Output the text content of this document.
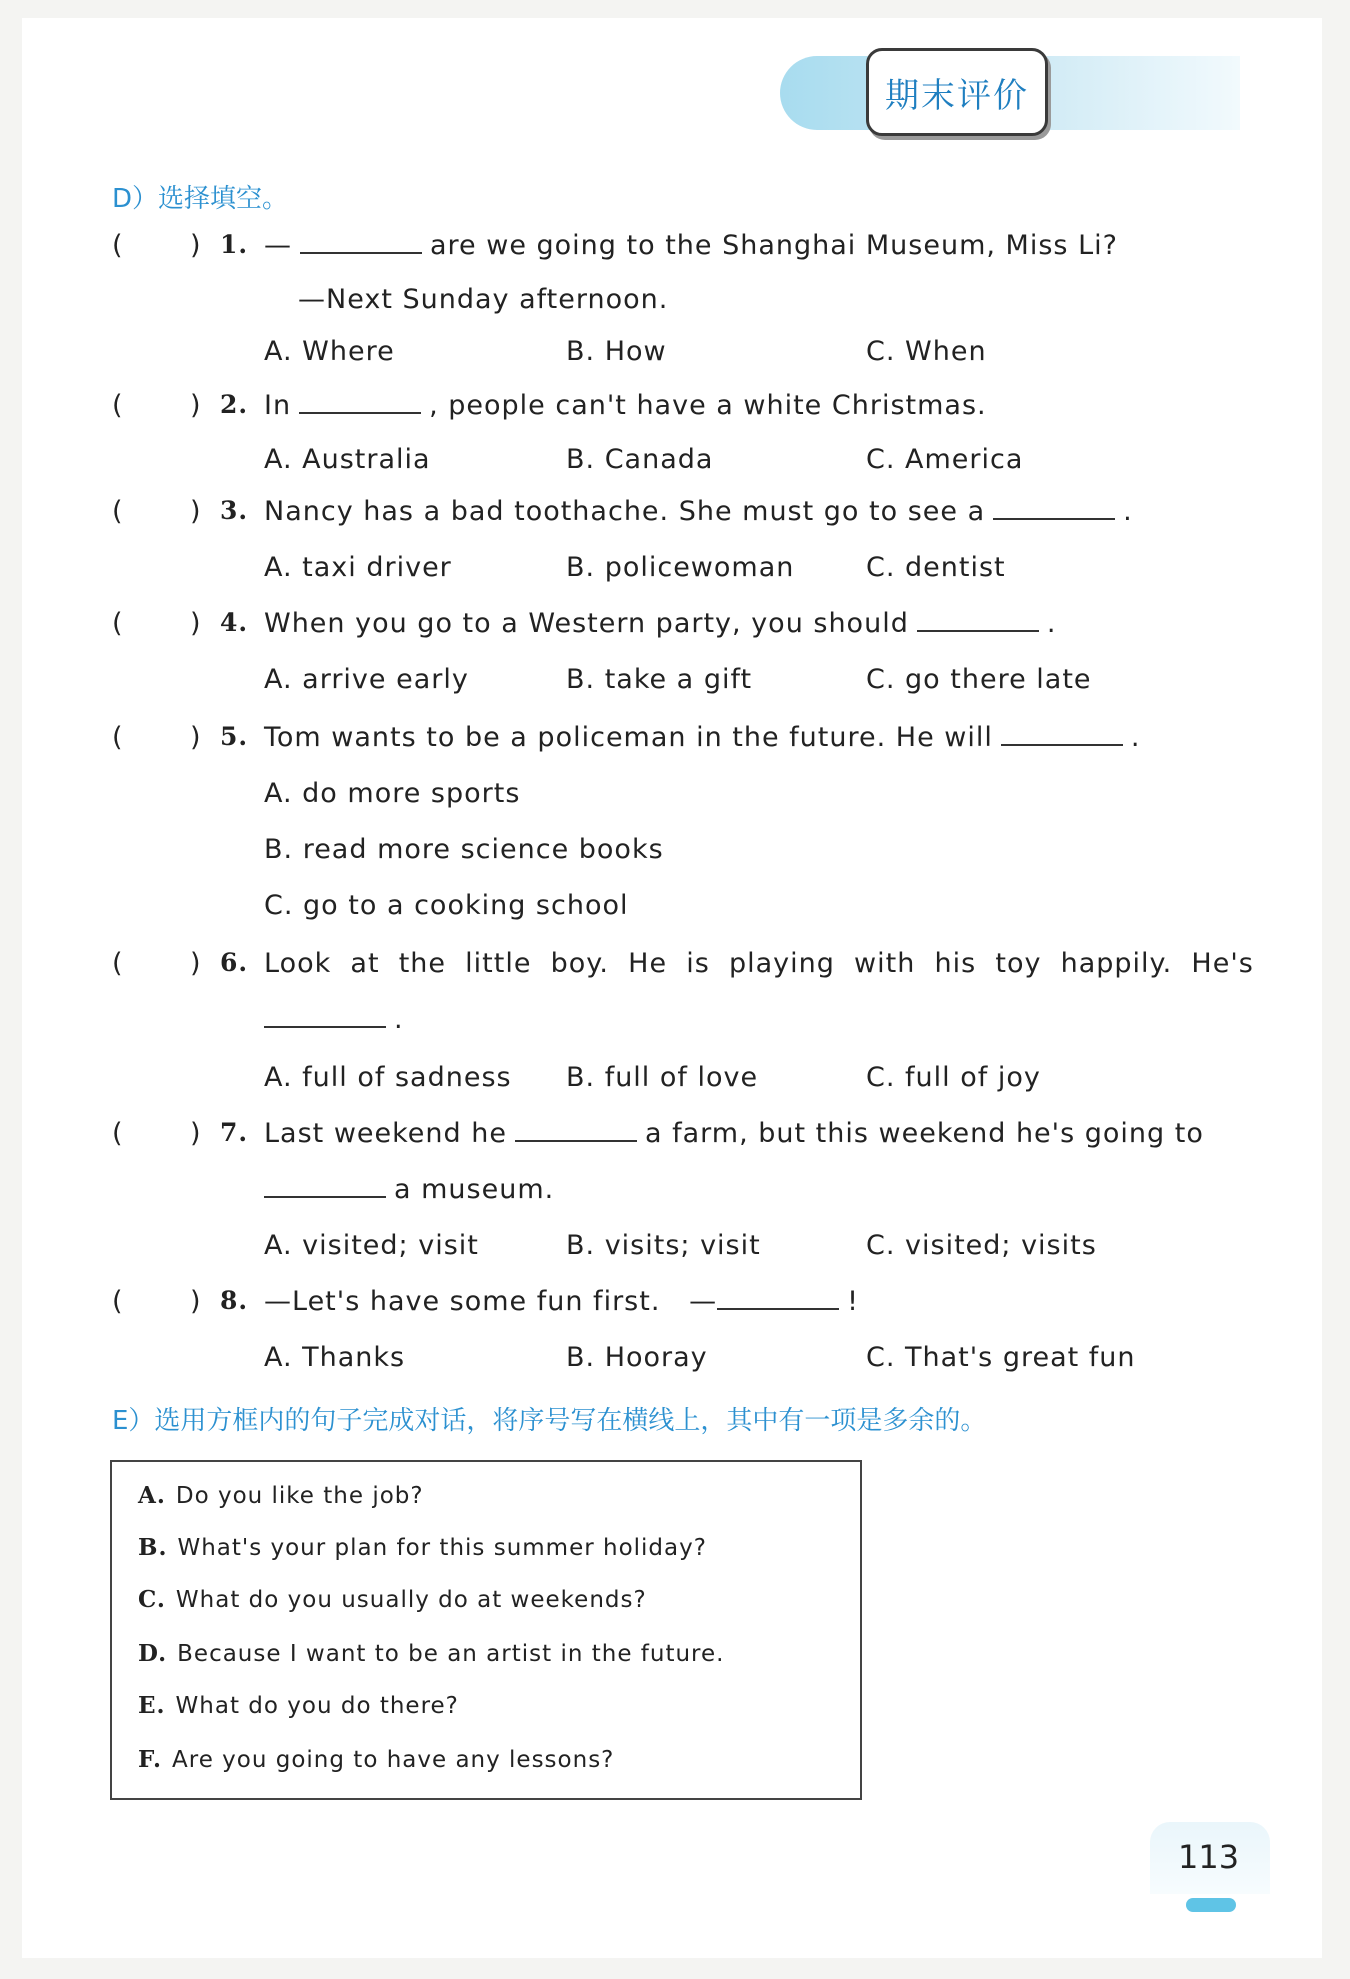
期末评价
D）选择填空。
( ) 1. —	are we going to the Shanghai Museum, Miss Li?
—Next Sunday afternoon.
A. Where	B. How	C. When
( ) 2. In	, people can't have a white Christmas.
A. Australia	B. Canada	C. America
( ) 3. Nancy has a bad toothache. She must go to see a	.
A. taxi driver	B. policewoman	C. dentist
( ) 4. When you go to a Western party, you should	.
A. arrive early	B. take a gift	C. go there late
( ) 5. Tom wants to be a policeman in the future. He will	.
A. do more sports
B. read more science books
C. go to a cooking school
( ) 6. Look  at  the  little  boy.  He  is  playing  with  his  toy  happily.  He's
.
A. full of sadness B. full of love	C. full of joy
( ) 7. Last weekend he	a farm, but this weekend he's going to
a museum.
A. visited; visit	B. visits; visit	C. visited; visits
( ) 8. —Let's have some fun first.   —	!
A. Thanks	B. Hooray	C. That's great fun
E）选用方框内的句子完成对话，将序号写在横线上，其中有一项是多余的。
A. Do you like the job?
B. What's your plan for this summer holiday?
C. What do you usually do at weekends?
D. Because I want to be an artist in the future.
E. What do you do there?
F. Are you going to have any lessons?
113
